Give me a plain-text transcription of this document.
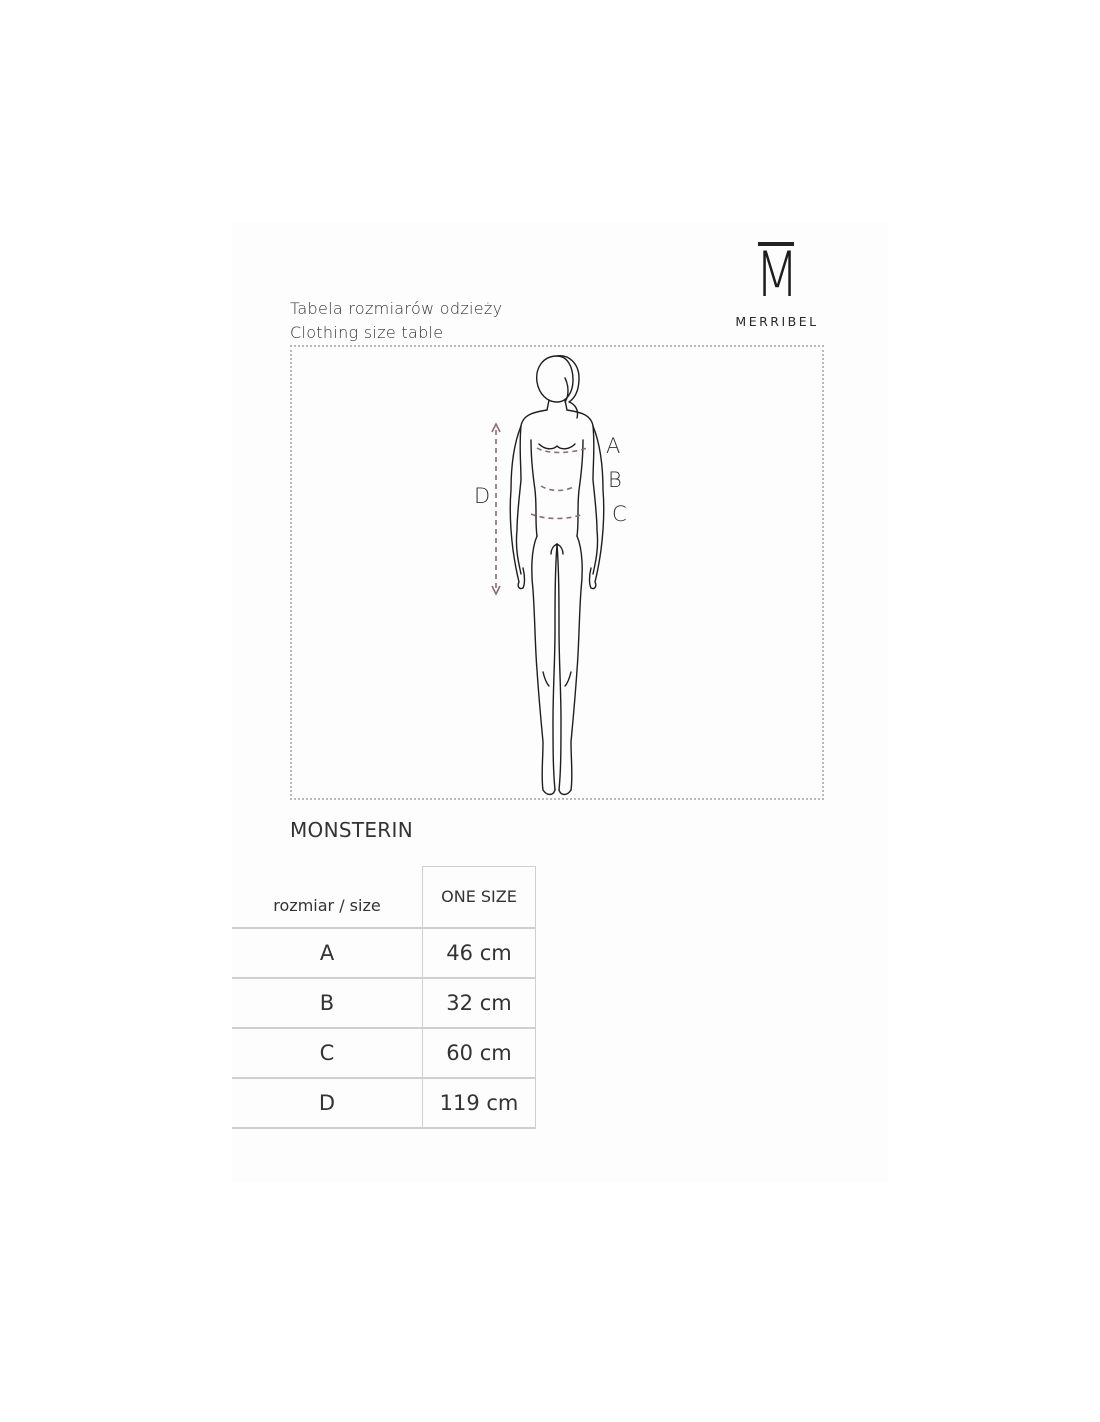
M
MERRIBEL
Tabela rozmiarów odzieży
Clothing size table
A
B
C
D
MONSTERIN
rozmiar / size	ONE SIZE
A	46 cm
B	32 cm
C	60 cm
D	119 cm
